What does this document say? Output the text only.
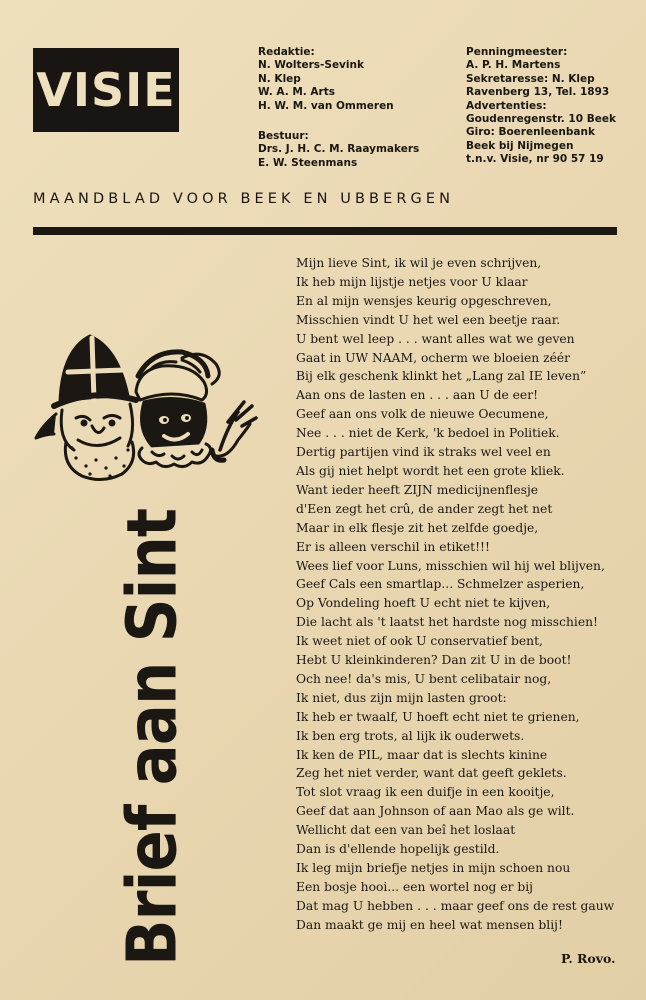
VISIE
Redaktie:
N. Wolters-Sevink
N. Klep
W. A. M. Arts
H. W. M. van Ommeren
Bestuur:
Drs. J. H. C. M. Raaymakers
E. W. Steenmans
Penningmeester:
A. P. H. Martens
Sekretaresse: N. Klep
Ravenberg 13, Tel. 1893
Advertenties:
Goudenregenstr. 10 Beek
Giro: Boerenleenbank
Beek bij Nijmegen
t.n.v. Visie, nr 90 57 19
MAANDBLAD VOOR BEEK EN UBBERGEN
Brief aan Sint
Mijn lieve Sint, ik wil je even schrijven,
Ik heb mijn lijstje netjes voor U klaar
En al mijn wensjes keurig opgeschreven,
Misschien vindt U het wel een beetje raar.
U bent wel leep . . . want alles wat we geven
Gaat in UW NAAM, ocherm we bloeien zéér
Bij elk geschenk klinkt het „Lang zal IE leven”
Aan ons de lasten en . . . aan U de eer!
Geef aan ons volk de nieuwe Oecumene,
Nee . . . niet de Kerk, 'k bedoel in Politiek.
Dertig partijen vind ik straks wel veel en
Als gij niet helpt wordt het een grote kliek.
Want ieder heeft ZIJN medicijnenflesje
d'Een zegt het crû, de ander zegt het net
Maar in elk flesje zit het zelfde goedje,
Er is alleen verschil in etiket!!!
Wees lief voor Luns, misschien wil hij wel blijven,
Geef Cals een smartlap... Schmelzer asperien,
Op Vondeling hoeft U echt niet te kijven,
Die lacht als 't laatst het hardste nog misschien!
Ik weet niet of ook U conservatief bent,
Hebt U kleinkinderen? Dan zit U in de boot!
Och nee! da's mis, U bent celibatair nog,
Ik niet, dus zijn mijn lasten groot:
Ik heb er twaalf, U hoeft echt niet te grienen,
Ik ben erg trots, al lijk ik ouderwets.
Ik ken de PIL, maar dat is slechts kinine
Zeg het niet verder, want dat geeft geklets.
Tot slot vraag ik een duifje in een kooitje,
Geef dat aan Johnson of aan Mao als ge wilt.
Wellicht dat een van beî het loslaat
Dan is d'ellende hopelijk gestild.
Ik leg mijn briefje netjes in mijn schoen nou
Een bosje hooi... een wortel nog er bij
Dat mag U hebben . . . maar geef ons de rest gauw
Dan maakt ge mij en heel wat mensen blij!
P. Rovo.
